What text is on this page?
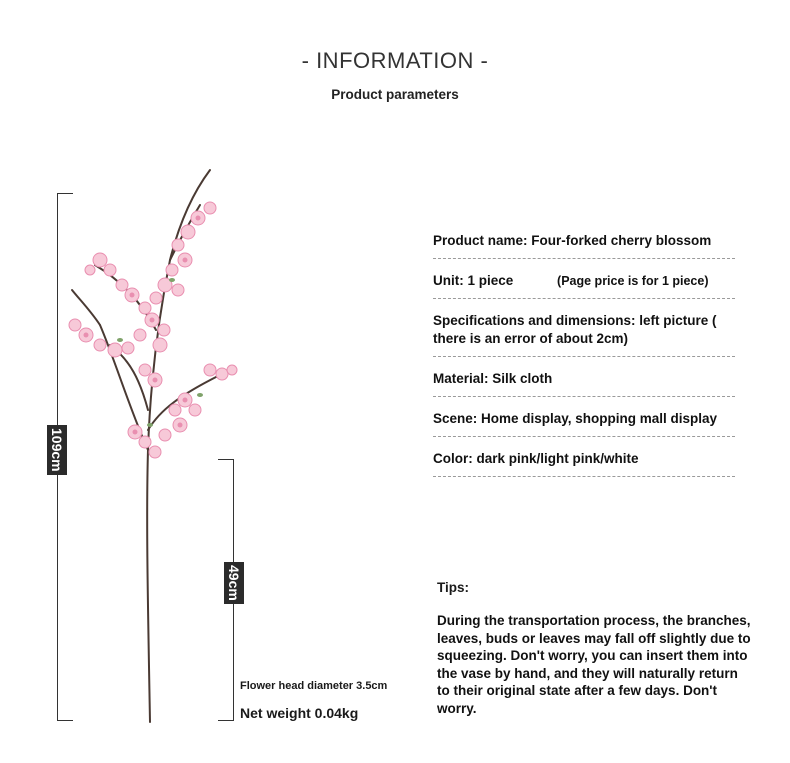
- INFORMATION -
Product parameters
109cm
49cm
Flower head diameter 3.5cm
Net weight 0.04kg
Product name: Four-forked cherry blossom
Unit: 1 piece	(Page price is for 1 piece)
Specifications and dimensions: left picture ( there is an error of about 2cm)
Material: Silk cloth
Scene: Home display, shopping mall display
Color: dark pink/light pink/white
Tips:
During the transportation process, the branches, leaves, buds or leaves may fall off slightly due to squeezing. Don't worry, you can insert them into the vase by hand, and they will naturally return to their original state after a few days. Don't worry.
